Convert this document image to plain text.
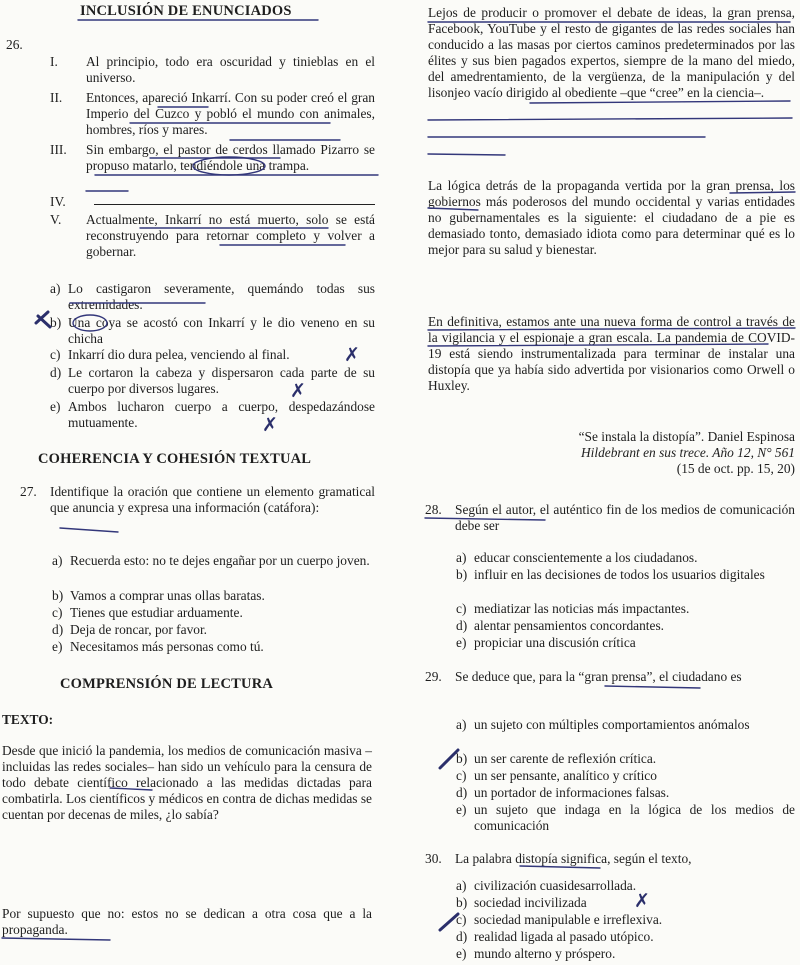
INCLUSIÓN DE ENUNCIADOS
26.
I.	Al principio, todo era oscuridad y tinieblas en el universo.
II.	Entonces, apareció Inkarrí. Con su poder creó el gran Imperio del Cuzco y pobló el mundo con animales, hombres, ríos y mares.
III.	Sin embargo, el pastor de cerdos llamado Pizarro se propuso matarlo, tendiéndole una trampa.
IV.
V.	Actualmente, Inkarrí no está muerto, solo se está reconstruyendo para retornar completo y volver a gobernar.
a) Lo castigaron severamente, quemándo todas sus extremidades.
b) Una coya se acostó con Inkarrí y le dio veneno en su chicha
c) Inkarrí dio dura pelea, venciendo al final.
d) Le cortaron la cabeza y dispersaron cada parte de su cuerpo por diversos lugares.
e) Ambos lucharon cuerpo a cuerpo, despedazándose mutuamente.
COHERENCIA Y COHESIÓN TEXTUAL
27. Identifique la oración que contiene un elemento gramatical que anuncia y expresa una información (catáfora):
a) Recuerda esto: no te dejes engañar por un cuerpo joven.
b) Vamos a comprar unas ollas baratas.
c) Tienes que estudiar arduamente.
d) Deja de roncar, por favor.
e) Necesitamos más personas como tú.
COMPRENSIÓN DE LECTURA
TEXTO:
Desde que inició la pandemia, los medios de comunicación masiva –incluidas las redes sociales– han sido un vehículo para la censura de todo debate científico relacionado a las medidas dictadas para combatirla. Los científicos y médicos en contra de dichas medidas se cuentan por decenas de miles, ¿lo sabía?
Por supuesto que no: estos no se dedican a otra cosa que a la propaganda.
Lejos de producir o promover el debate de ideas, la gran prensa, Facebook, YouTube y el resto de gigantes de las redes sociales han conducido a las masas por ciertos caminos predeterminados por las élites y sus bien pagados expertos, siempre de la mano del miedo, del amedrentamiento, de la vergüenza, de la manipulación y del lisonjeo vacío dirigido al obediente –que “cree” en la ciencia–.
La lógica detrás de la propaganda vertida por la gran prensa, los gobiernos más poderosos del mundo occidental y varias entidades no gubernamentales es la siguiente: el ciudadano de a pie es demasiado tonto, demasiado idiota como para determinar qué es lo mejor para su salud y bienestar.
En definitiva, estamos ante una nueva forma de control a través de la vigilancia y el espionaje a gran escala. La pandemia de COVID-19 está siendo instrumentalizada para terminar de instalar una distopía que ya había sido advertida por visionarios como Orwell o Huxley.
“Se instala la distopía”. Daniel Espinosa
Hildebrant en sus trece. Año 12, N° 561
(15 de oct. pp. 15, 20)
28. Según el autor, el auténtico fin de los medios de comunicación debe ser
a) educar conscientemente a los ciudadanos.
b) influir en las decisiones de todos los usuarios digitales
c) mediatizar las noticias más impactantes.
d) alentar pensamientos concordantes.
e) propiciar una discusión crítica
29. Se deduce que, para la “gran prensa”, el ciudadano es
a) un sujeto con múltiples comportamientos anómalos
b) un ser carente de reflexión crítica.
c) un ser pensante, analítico y crítico
d) un portador de informaciones falsas.
e) un sujeto que indaga en la lógica de los medios de comunicación
30. La palabra distopía significa, según el texto,
a) civilización cuasidesarrollada.
b) sociedad incivilizada
c) sociedad manipulable e irreflexiva.
d) realidad ligada al pasado utópico.
e) mundo alterno y próspero.
✗
✗
✗
✗
